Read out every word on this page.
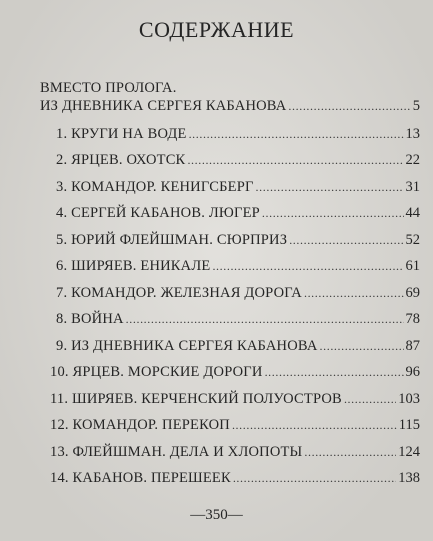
СОДЕРЖАНИЕ
ВМЕСТО ПРОЛОГА.
ИЗ ДНЕВНИКА СЕРГЕЯ КАБАНОВА . . .	5
1. КРУГИ НА ВОДЕ . . .	13
2. ЯРЦЕВ. ОХОТСК . . .	22
3. КОМАНДОР. КЕНИГСБЕРГ . . .	31
4. СЕРГЕЙ КАБАНОВ. ЛЮГЕР . . .	44
5. ЮРИЙ ФЛЕЙШМАН. СЮРПРИЗ . . .	52
6. ШИРЯЕВ. ЕНИКАЛЕ . . .	61
7. КОМАНДОР. ЖЕЛЕЗНАЯ ДОРОГА . . .	69
8. ВОЙНА . . .	78
9. ИЗ ДНЕВНИКА СЕРГЕЯ КАБАНОВА . . .	87
10. ЯРЦЕВ. МОРСКИЕ ДОРОГИ . . .	96
11. ШИРЯЕВ. КЕРЧЕНСКИЙ ПОЛУОСТРОВ . . .	103
12. КОМАНДОР. ПЕРЕКОП . . .	115
13. ФЛЕЙШМАН. ДЕЛА И ХЛОПОТЫ . . .	124
14. КАБАНОВ. ПЕРЕШЕЕК . . .	138
—350—
